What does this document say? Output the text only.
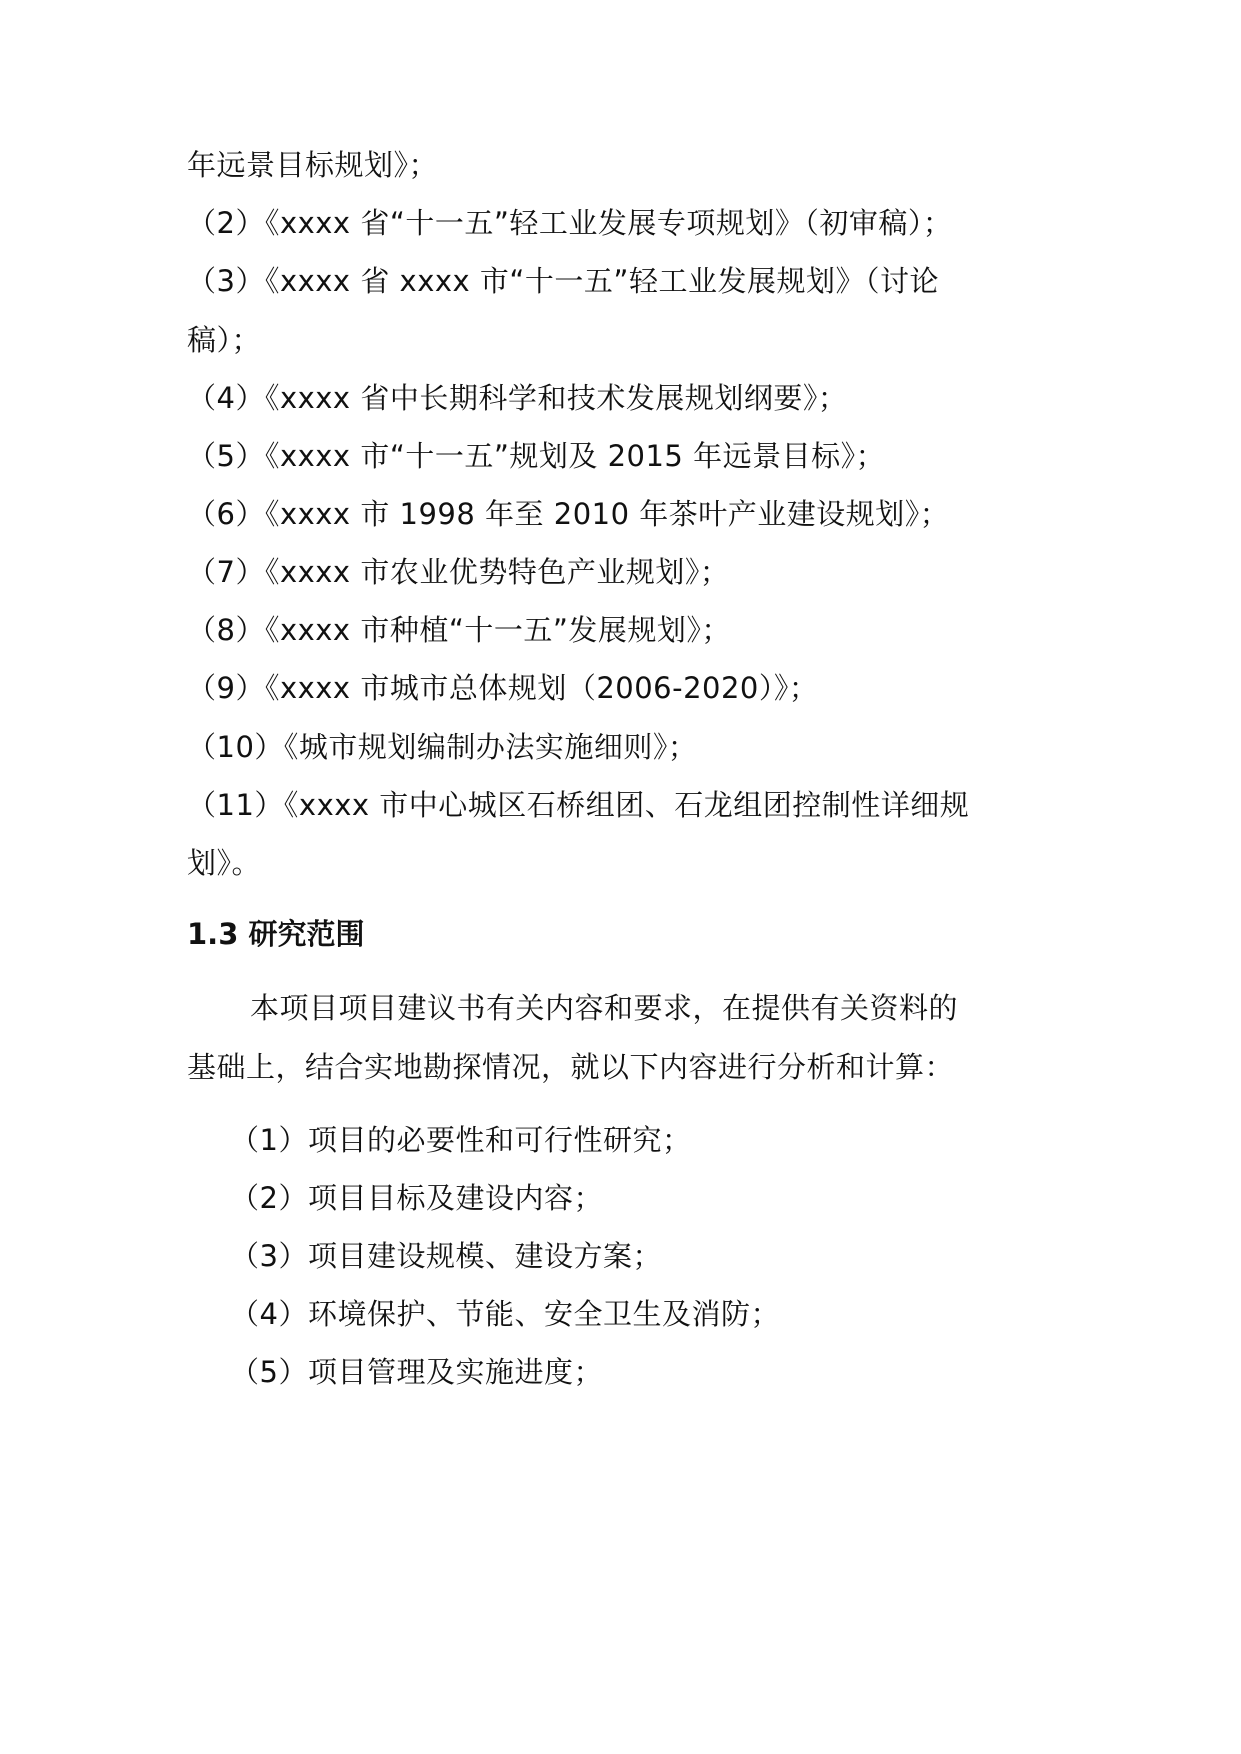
年远景目标规划》；
（2）《xxxx 省“十一五”轻工业发展专项规划》（初审稿）；
（3）《xxxx 省 xxxx 市“十一五”轻工业发展规划》（讨论
稿）；
（4）《xxxx 省中长期科学和技术发展规划纲要》；
（5）《xxxx 市“十一五”规划及 2015 年远景目标》；
（6）《xxxx 市 1998 年至 2010 年茶叶产业建设规划》；
（7）《xxxx 市农业优势特色产业规划》；
（8）《xxxx 市种植“十一五”发展规划》；
（9）《xxxx 市城市总体规划（2006-2020）》；
（10）《城市规划编制办法实施细则》；
（11）《xxxx 市中心城区石桥组团、石龙组团控制性详细规
划》。
1.3 研究范围
本项目项目建议书有关内容和要求，在提供有关资料的
基础上，结合实地勘探情况，就以下内容进行分析和计算：
（1）项目的必要性和可行性研究；
（2）项目目标及建设内容；
（3）项目建设规模、建设方案；
（4）环境保护、节能、安全卫生及消防；
（5）项目管理及实施进度；
